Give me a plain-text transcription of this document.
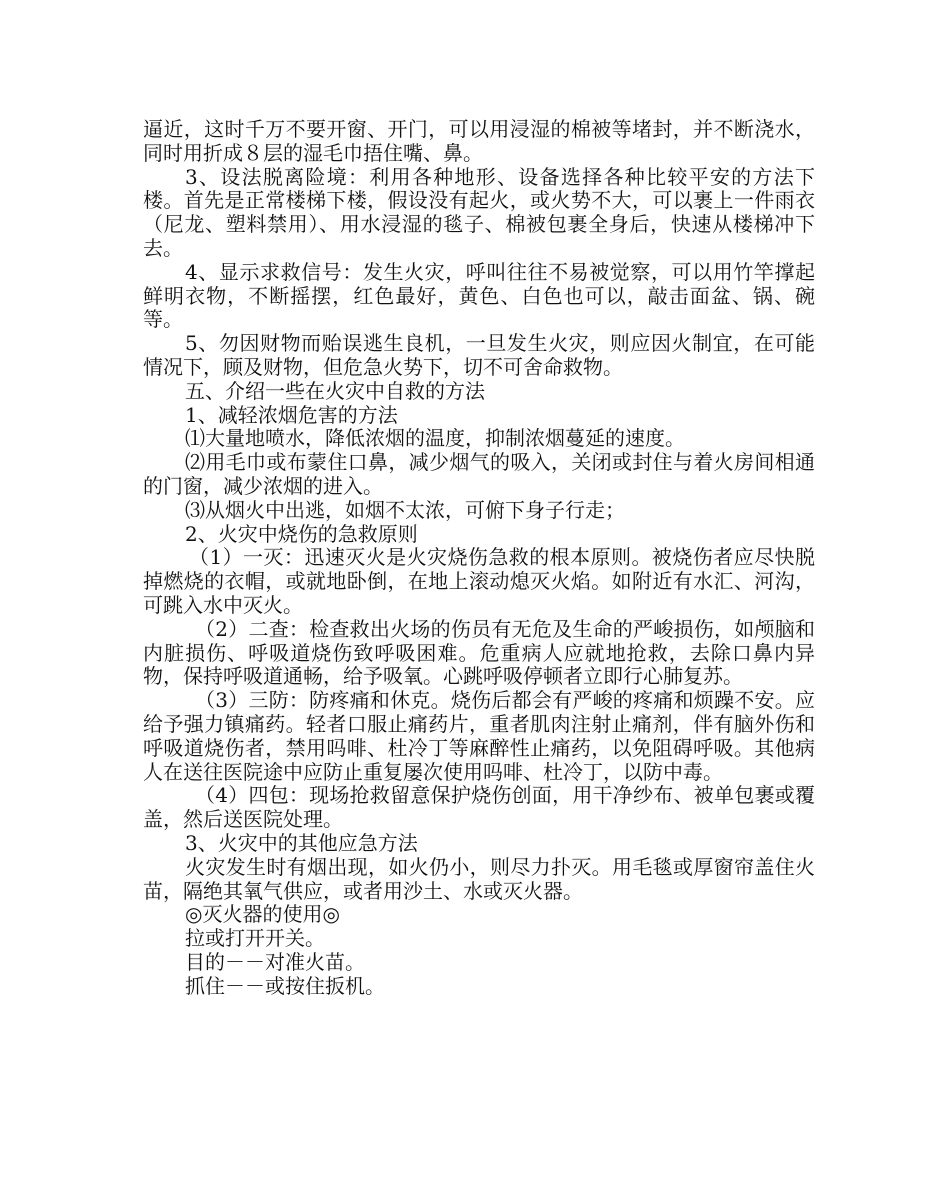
逼近，这时千万不要开窗、开门，可以用浸湿的棉被等堵封，并不断浇水，同时用折成８层的湿毛巾捂住嘴、鼻。

3、设法脱离险境：利用各种地形、设备选择各种比较平安的方法下楼。首先是正常楼梯下楼，假设没有起火，或火势不大，可以裹上一件雨衣（尼龙、塑料禁用）、用水浸湿的毯子、棉被包裹全身后，快速从楼梯冲下去。

4、显示求救信号：发生火灾，呼叫往往不易被觉察，可以用竹竿撑起鲜明衣物，不断摇摆，红色最好，黄色、白色也可以，敲击面盆、锅、碗等。

5、勿因财物而贻误逃生良机，一旦发生火灾，则应因火制宜，在可能情况下，顾及财物，但危急火势下，切不可舍命救物。

五、介绍一些在火灾中自救的方法

1、减轻浓烟危害的方法

⑴大量地喷水，降低浓烟的温度，抑制浓烟蔓延的速度。

⑵用毛巾或布蒙住口鼻，减少烟气的吸入，关闭或封住与着火房间相通的门窗，减少浓烟的进入。

⑶从烟火中出逃，如烟不太浓，可俯下身子行走；

2、火灾中烧伤的急救原则

（1）一灭：迅速灭火是火灾烧伤急救的根本原则。被烧伤者应尽快脱掉燃烧的衣帽，或就地卧倒，在地上滚动熄灭火焰。如附近有水汇、河沟，可跳入水中灭火。

（2）二查：检查救出火场的伤员有无危及生命的严峻损伤，如颅脑和内脏损伤、呼吸道烧伤致呼吸困难。危重病人应就地抢救，去除口鼻内异物，保持呼吸道通畅，给予吸氧。心跳呼吸停顿者立即行心肺复苏。

（3）三防：防疼痛和休克。烧伤后都会有严峻的疼痛和烦躁不安。应给予强力镇痛药。轻者口服止痛药片，重者肌肉注射止痛剂，伴有脑外伤和呼吸道烧伤者，禁用吗啡、杜冷丁等麻醉性止痛药，以免阻碍呼吸。其他病人在送往医院途中应防止重复屡次使用吗啡、杜冷丁，以防中毒。

（4）四包：现场抢救留意保护烧伤创面，用干净纱布、被单包裹或覆盖，然后送医院处理。

3、火灾中的其他应急方法

火灾发生时有烟出现，如火仍小，则尽力扑灭。用毛毯或厚窗帘盖住火苗，隔绝其氧气供应，或者用沙土、水或灭火器。

◎灭火器的使用◎

拉或打开开关。

目的－－对准火苗。

抓住－－或按住扳机。
